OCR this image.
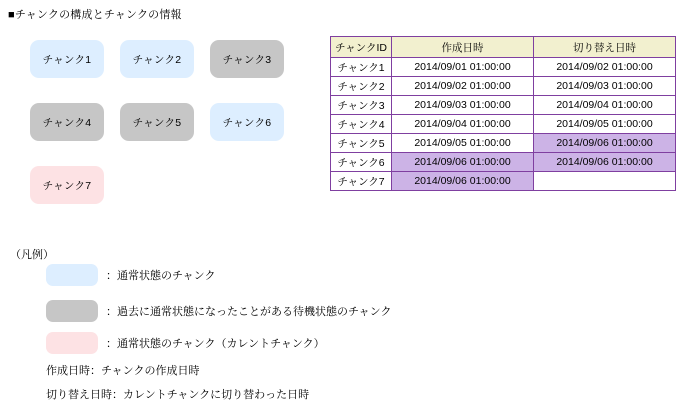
■チャンクの構成とチャンクの情報
チャンク1	チャンク2	チャンク3
チャンク4	チャンク5	チャンク6
チャンク7
チャンクID	作成日時	切り替え日時
チャンク1	2014/09/01 01:00:00	2014/09/02 01:00:00
チャンク2	2014/09/02 01:00:00	2014/09/03 01:00:00
チャンク3	2014/09/03 01:00:00	2014/09/04 01:00:00
チャンク4	2014/09/04 01:00:00	2014/09/05 01:00:00
チャンク5	2014/09/05 01:00:00	2014/09/06 01:00:00
チャンク6	2014/09/06 01:00:00	2014/09/06 01:00:00
チャンク7	2014/09/06 01:00:00	
（凡例）
：通常状態のチャンク
：過去に通常状態になったことがある待機状態のチャンク
：通常状態のチャンク（カレントチャンク）
作成日時：チャンクの作成日時
切り替え日時：カレントチャンクに切り替わった日時
